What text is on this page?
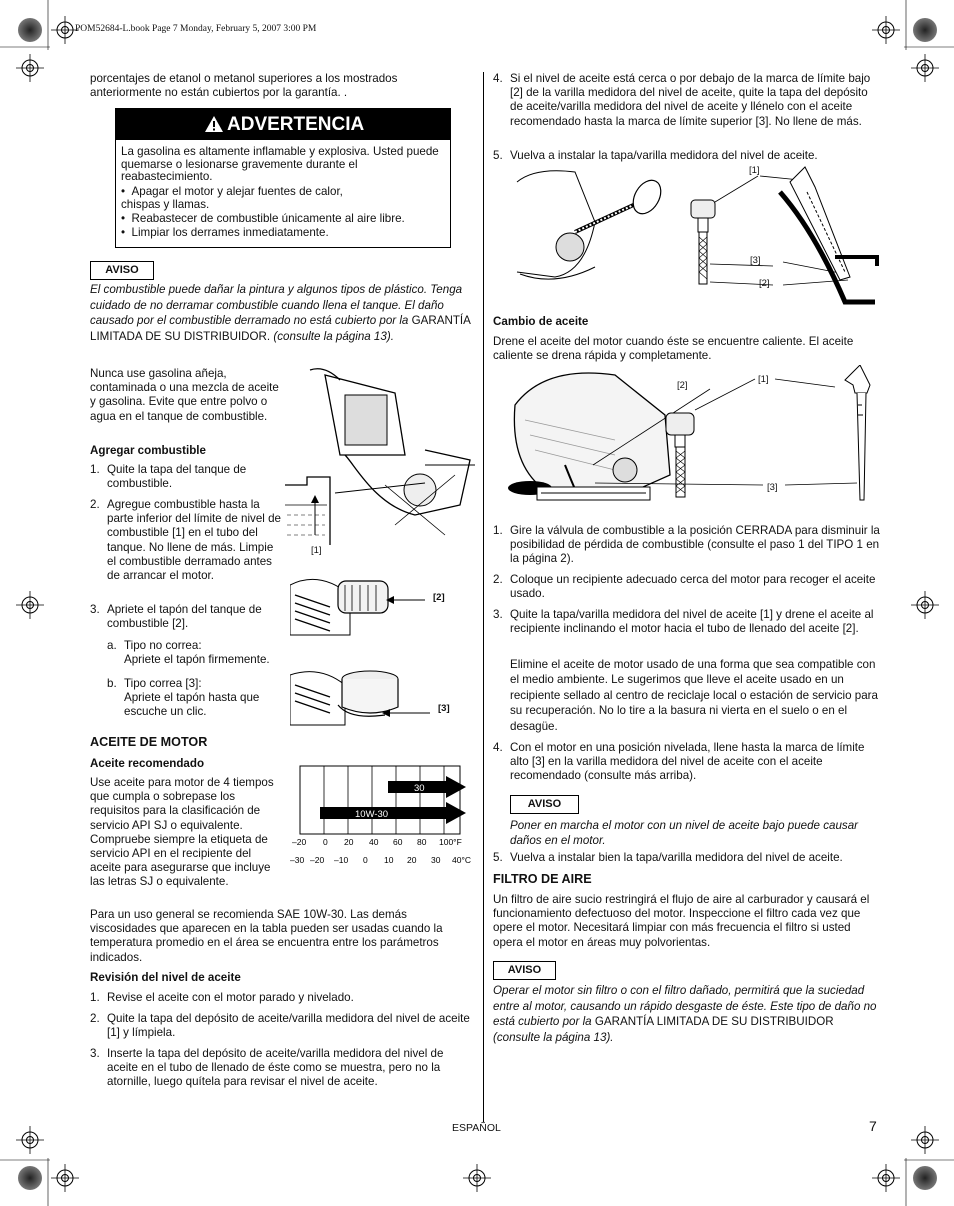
POM52684-L.book Page 7 Monday, February 5, 2007 3:00 PM
porcentajes de etanol o metanol superiores a los mostrados anteriormente no están cubiertos por la garantía. .
ADVERTENCIA
La gasolina es altamente inflamable y explosiva. Usted puede quemarse o lesionarse gravemente durante el reabastecimiento.
•  Apagar el motor y alejar fuentes de calor, chispas y llamas.
•  Reabastecer de combustible únicamente al aire libre.
•  Limpiar los derrames inmediatamente.
AVISO
El combustible puede dañar la pintura y algunos tipos de plástico. Tenga cuidado de no derramar combustible cuando llena el tanque. El daño causado por el combustible derramado no está cubierto por la GARANTÍA LIMITADA DE SU DISTRIBUIDOR. (consulte la página 13).
Nunca use gasolina añeja, contaminada o una mezcla de aceite y gasolina. Evite que entre polvo o agua en el tanque de combustible.
Agregar combustible
1. Quite la tapa del tanque de combustible.
2. Agregue combustible hasta la parte inferior del límite de nivel de combustible [1] en el tubo del tanque. No llene de más. Limpie el combustible derramado antes de arrancar el motor.
3. Apriete el tapón del tanque de combustible [2].
a. Tipo no correa:
Apriete el tapón firmemente.
b. Tipo correa [3]:
Apriete el tapón hasta que escuche un clic.
[1]
[2]
[3]
ACEITE DE MOTOR
Aceite recomendado
Use aceite para motor de 4 tiempos que cumpla o sobrepase los requisitos para la clasificación de servicio API SJ o equivalente. Compruebe siempre la etiqueta de servicio API en el recipiente del aceite para asegurarse que incluye las letras SJ o equivalente.
30
10W-30
–20 0 20 40 60 80 100°F
–30 –20 –10 0 10 20 30 40°C
Para un uso general se recomienda SAE 10W-30. Las demás viscosidades que aparecen en la tabla pueden ser usadas cuando la temperatura promedio en el área se encuentra entre los parámetros indicados.
Revisión del nivel de aceite
1. Revise el aceite con el motor parado y nivelado.
2. Quite la tapa del depósito de aceite/varilla medidora del nivel de aceite [1] y límpiela.
3. Inserte la tapa del depósito de aceite/varilla medidora del nivel de aceite en el tubo de llenado de éste como se muestra, pero no la atornille, luego quítela para revisar el nivel de aceite.
4. Si el nivel de aceite está cerca o por debajo de la marca de límite bajo [2] de la varilla medidora del nivel de aceite, quite la tapa del depósito de aceite/varilla medidora del nivel de aceite y llénelo con el aceite recomendado hasta la marca de límite superior [3]. No llene de más.
5. Vuelva a instalar la tapa/varilla medidora del nivel de aceite.
[1]
[3]
[2]
Cambio de aceite
Drene el aceite del motor cuando éste se encuentre caliente. El aceite caliente se drena rápida y completamente.
[2]
[1]
[3]
1. Gire la válvula de combustible a la posición CERRADA para disminuir la posibilidad de pérdida de combustible (consulte el paso 1 del TIPO 1 en la página 2).
2. Coloque un recipiente adecuado cerca del motor para recoger el aceite usado.
3. Quite la tapa/varilla medidora del nivel de aceite [1] y drene el aceite al recipiente inclinando el motor hacia el tubo de llenado del aceite [2].
Elimine el aceite de motor usado de una forma que sea compatible con el medio ambiente. Le sugerimos que lleve el aceite usado en un recipiente sellado al centro de reciclaje local o estación de servicio para su recuperación. No lo tire a la basura ni vierta en el suelo o en el desagüe.
4. Con el motor en una posición nivelada, llene hasta la marca de límite alto [3] en la varilla medidora del nivel de aceite con el aceite recomendado (consulte más arriba).
AVISO
Poner en marcha el motor con un nivel de aceite bajo puede causar daños en el motor.
5. Vuelva a instalar bien la tapa/varilla medidora del nivel de aceite.
FILTRO DE AIRE
Un filtro de aire sucio restringirá el flujo de aire al carburador y causará el funcionamiento defectuoso del motor. Inspeccione el filtro cada vez que opere el motor. Necesitará limpiar con más frecuencia el filtro si usted opera el motor en áreas muy polvorientas.
AVISO
Operar el motor sin filtro o con el filtro dañado, permitirá que la suciedad entre al motor, causando un rápido desgaste de éste. Este tipo de daño no está cubierto por la GARANTÍA LIMITADA DE SU DISTRIBUIDOR (consulte la página 13).
ESPAÑOL	7
